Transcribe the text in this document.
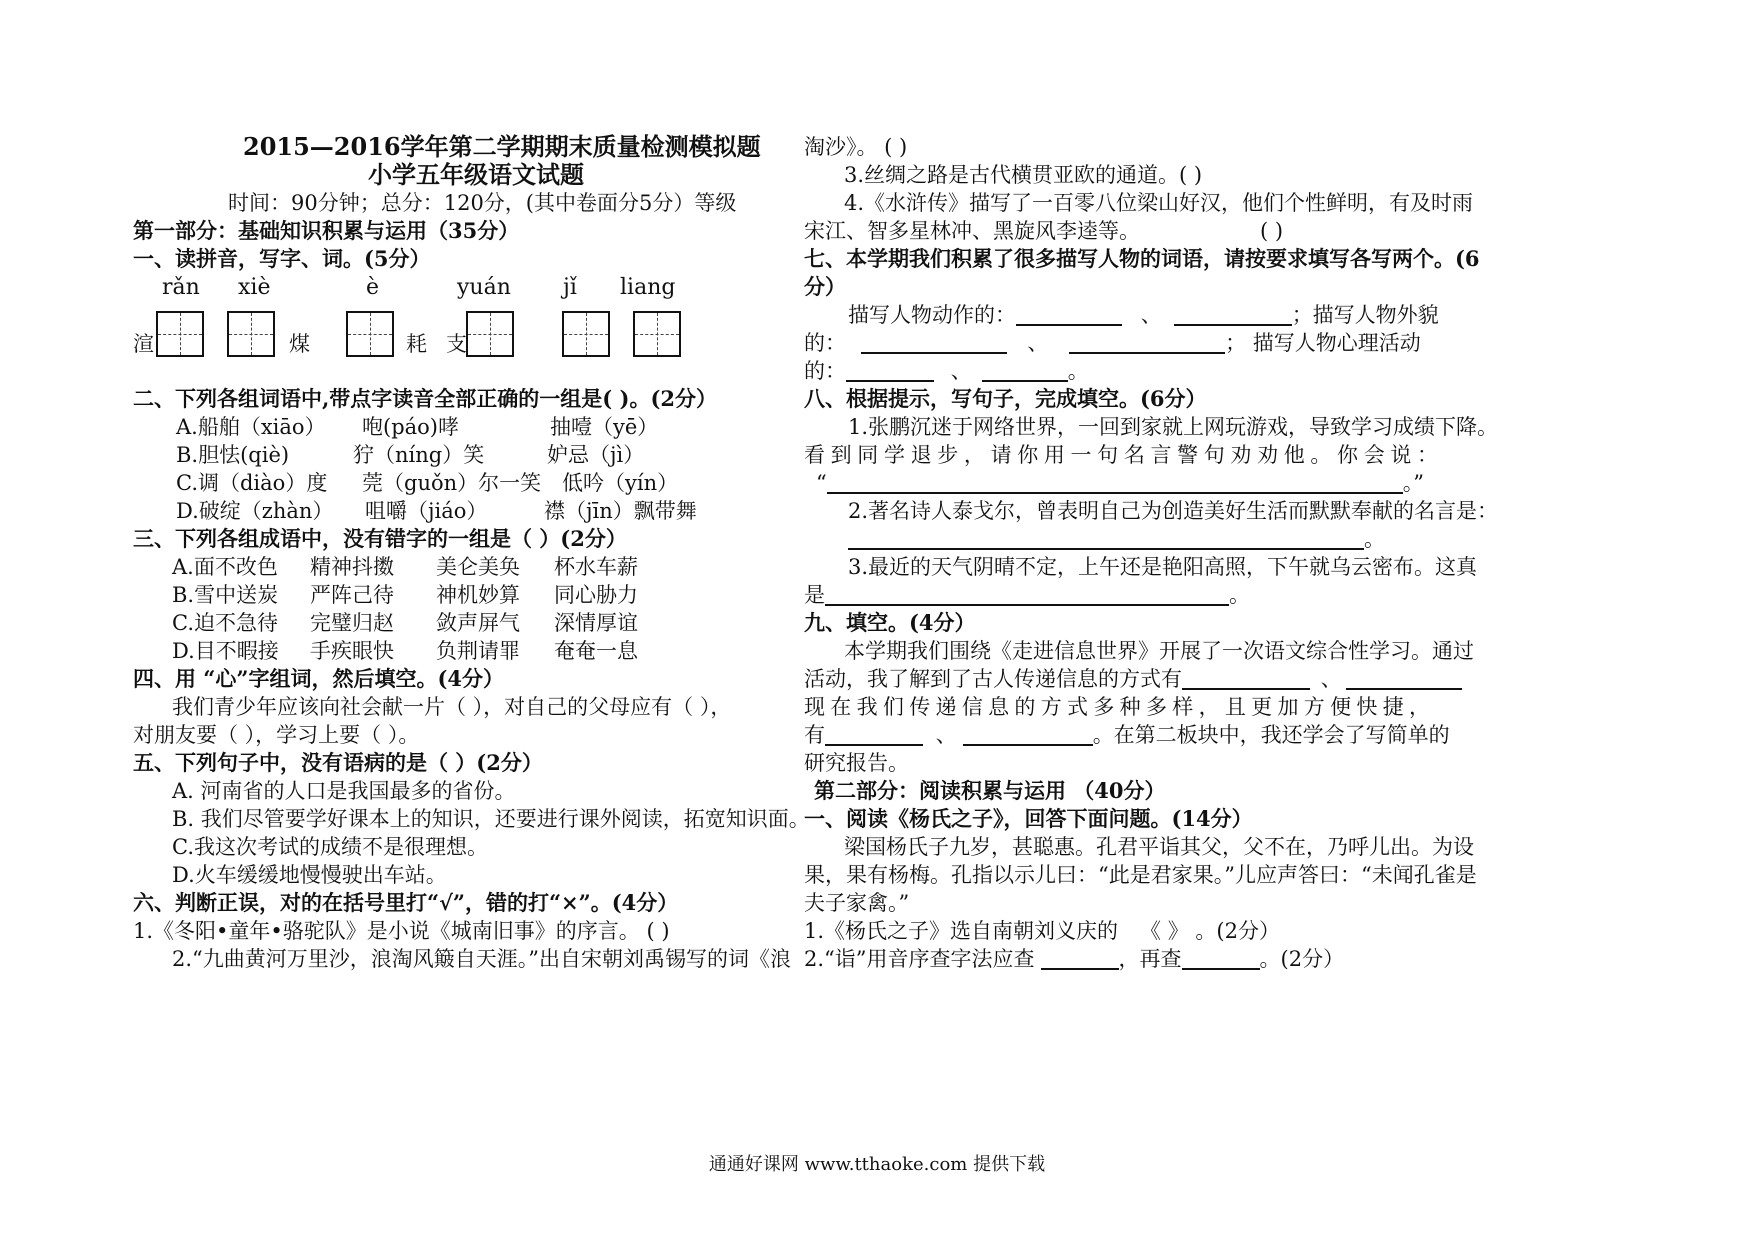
2015—2016学年第二学期期末质量检测模拟题
小学五年级语文试题
时间：90分钟；总分：120分，(其中卷面分5分）等级
第一部分：基础知识积累与运用（35分）
一、读拼音，写字、词。(5分）
rǎn xiè	è	yuán jǐ liang
渲	煤	耗 支
二、下列各组词语中,带点字读音全部正确的一组是( )。(2分）
A.船舶（xiāo） 咆(páo)哮	抽噎（yē）
B.胆怯(qiè)	狞（níng）笑	妒忌（jì）
C.调（diào）度 莞（guǒn）尔一笑 低吟（yín）
D.破绽（zhàn） 咀嚼（jiáo）	襟（jīn）飘带舞
三、下列各组成语中，没有错字的一组是（ ）(2分）
A.面不改色 精神抖擞 美仑美奂 杯水车薪
B.雪中送炭 严阵己待 神机妙算 同心胁力
C.迫不急待 完璧归赵 敛声屏气 深情厚谊
D.目不暇接 手疾眼快 负荆请罪 奄奄一息
四、用 “心”字组词，然后填空。(4分）
我们青少年应该向社会献一片（ ），对自己的父母应有（ ），
对朋友要（ ），学习上要（ ）。
五、下列句子中，没有语病的是（ ）(2分）
A. 河南省的人口是我国最多的省份。
B. 我们尽管要学好课本上的知识，还要进行课外阅读，拓宽知识面。
C.我这次考试的成绩不是很理想。
D.火车缓缓地慢慢驶出车站。
六、判断正误，对的在括号里打“√”，错的打“×”。(4分）
1.《冬阳•童年•骆驼队》是小说《城南旧事》的序言。 ( )
2.“九曲黄河万里沙，浪淘风簸自天涯。”出自宋朝刘禹锡写的词《浪
淘沙》。 ( )
3.丝绸之路是古代横贯亚欧的通道。( )
4.《水浒传》描写了一百零八位梁山好汉，他们个性鲜明，有及时雨
宋江、智多星林冲、黑旋风李逵等。	( )
七、本学期我们积累了很多描写人物的词语，请按要求填写各写两个。(6
分）
描写人物动作的：	、	；描写人物外貌
的：	、	； 描写人物心理活动
的：	、	。
八、根据提示，写句子，完成填空。(6分）
1.张鹏沉迷于网络世界，一回到家就上网玩游戏，导致学习成绩下降。
看到同学退步，请你用一句名言警句劝劝他。你会说：
“	。”
2.著名诗人泰戈尔，曾表明自己为创造美好生活而默默奉献的名言是：
。
3.最近的天气阴晴不定，上午还是艳阳高照，下午就乌云密布。这真
是	。
九、填空。(4分）
本学期我们围绕《走进信息世界》开展了一次语文综合性学习。通过
活动，我了解到了古人传递信息的方式有	、
现在我们传递信息的方式多种多样，且更加方便快捷，
有	、	。在第二板块中，我还学会了写简单的
研究报告。
第二部分：阅读积累与运用 （40分）
一、阅读《杨氏之子》，回答下面问题。(14分）
梁国杨氏子九岁，甚聪惠。孔君平诣其父，父不在，乃呼儿出。为设
果，果有杨梅。孔指以示儿曰：“此是君家果。”儿应声答曰：“未闻孔雀是
夫子家禽。”
1.《杨氏之子》选自南朝刘义庆的 《 》 。(2分）
2.“诣”用音序查字法应查	，再查	。(2分）
通通好课网 www.tthaoke.com 提供下载
